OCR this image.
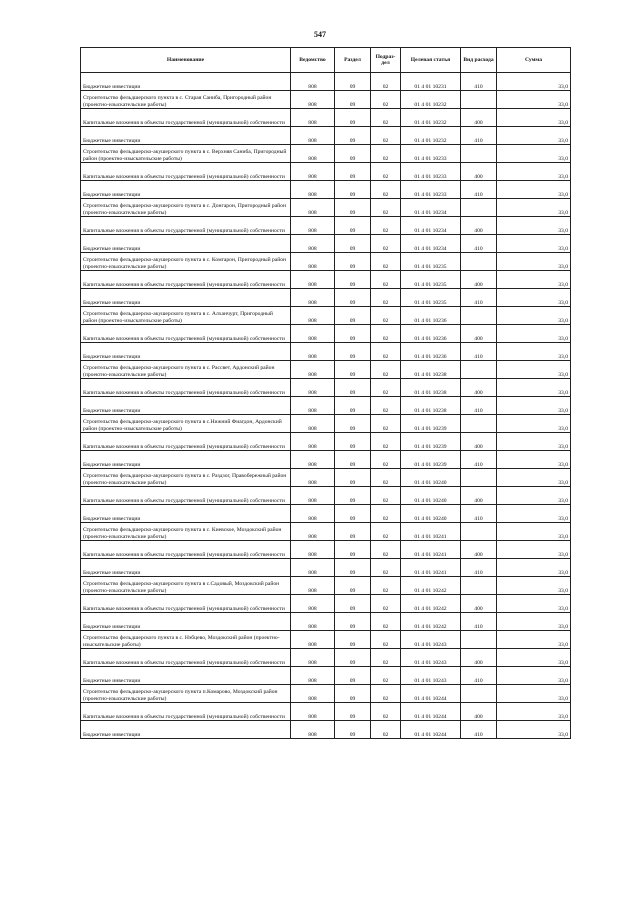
547
Наименование	Ведомство	Раздел	Подраз-дел	Целевая статья	Вид расхода	Сумма
Бюджетные инвестиции	808	09	02	01 4 01 10231	410	33,0
Строительство фельдшерского пункта в с. Старая Саниба, Пригородный район (проектно-изыскательские работы)	808	09	02	01 4 01 10232		33,0
Капитальные вложения в объекты государственной (муниципальной) собственности	808	09	02	01 4 01 10232	400	33,0
Бюджетные инвестиции	808	09	02	01 4 01 10232	410	33,0
Строительство фельдшерско-акушерского пункта в с. Верхняя Саниба, Пригородный район (проектно-изыскательские работы)	808	09	02	01 4 01 10233		33,0
Капитальные вложения в объекты государственной (муниципальной) собственности	808	09	02	01 4 01 10233	400	33,0
Бюджетные инвестиции	808	09	02	01 4 01 10233	410	33,0
Строительство фельдшерско-акушерского пункта в с. Донгарон, Пригородный район (проектно-изыскательские работы)	808	09	02	01 4 01 10234		33,0
Капитальные вложения в объекты государственной (муниципальной) собственности	808	09	02	01 4 01 10234	400	33,0
Бюджетные инвестиции	808	09	02	01 4 01 10234	410	33,0
Строительство фельдшерско-акушерского пункта в с. Комгарон, Пригородный район (проектно-изыскательские работы)	808	09	02	01 4 01 10235		33,0
Капитальные вложения в объекты государственной (муниципальной) собственности	808	09	02	01 4 01 10235	400	33,0
Бюджетные инвестиции	808	09	02	01 4 01 10235	410	33,0
Строительство фельдшерско-акушерского пункта в с. Алханчурт, Пригородный район (проектно-изыскательские работы)	808	09	02	01 4 01 10236		33,0
Капитальные вложения в объекты государственной (муниципальной) собственности	808	09	02	01 4 01 10236	400	33,0
Бюджетные инвестиции	808	09	02	01 4 01 10236	410	33,0
Строительство фельдшерско-акушерского пункта в с. Рассвет, Ардонский район (проектно-изыскательские работы)	808	09	02	01 4 01 10238		33,0
Капитальные вложения в объекты государственной (муниципальной) собственности	808	09	02	01 4 01 10238	400	33,0
Бюджетные инвестиции	808	09	02	01 4 01 10238	410	33,0
Строительство фельдшерско-акушерского пункта в с.Нижний Фиагдон, Ардонский район (проектно-изыскательские работы)	808	09	02	01 4 01 10239		33,0
Капитальные вложения в объекты государственной (муниципальной) собственности	808	09	02	01 4 01 10239	400	33,0
Бюджетные инвестиции	808	09	02	01 4 01 10239	410	33,0
Строительство фельдшерско-акушерского пункта в с. Раздзог, Правобережный район (проектно-изыскательские работы)	808	09	02	01 4 01 10240		33,0
Капитальные вложения в объекты государственной (муниципальной) собственности	808	09	02	01 4 01 10240	400	33,0
Бюджетные инвестиции	808	09	02	01 4 01 10240	410	33,0
Строительство фельдшерско-акушерского пункта в с. Киевское, Моздокский район (проектно-изыскательские работы)	808	09	02	01 4 01 10241		33,0
Капитальные вложения в объекты государственной (муниципальной) собственности	808	09	02	01 4 01 10241	400	33,0
Бюджетные инвестиции	808	09	02	01 4 01 10241	410	33,0
Строительство фельдшерско-акушерского пункта в с.Садовый, Моздокский район (проектно-изыскательские работы)	808	09	02	01 4 01 10242		33,0
Капитальные вложения в объекты государственной (муниципальной) собственности	808	09	02	01 4 01 10242	400	33,0
Бюджетные инвестиции	808	09	02	01 4 01 10242	410	33,0
Строительство фельдшерского пункта в с. Нэбцево, Моздокский район (проектно-изыскательские работы)	808	09	02	01 4 01 10243		33,0
Капитальные вложения в объекты государственной (муниципальной) собственности	808	09	02	01 4 01 10243	400	33,0
Бюджетные инвестиции	808	09	02	01 4 01 10243	410	33,0
Строительство фельдшерско-акушерского пункта п.Комарово, Моздокский район (проектно-изыскательские работы)	808	09	02	01 4 01 10244		33,0
Капитальные вложения в объекты государственной (муниципальной) собственности	808	09	02	01 4 01 10244	400	33,0
Бюджетные инвестиции	808	09	02	01 4 01 10244	410	33,0
